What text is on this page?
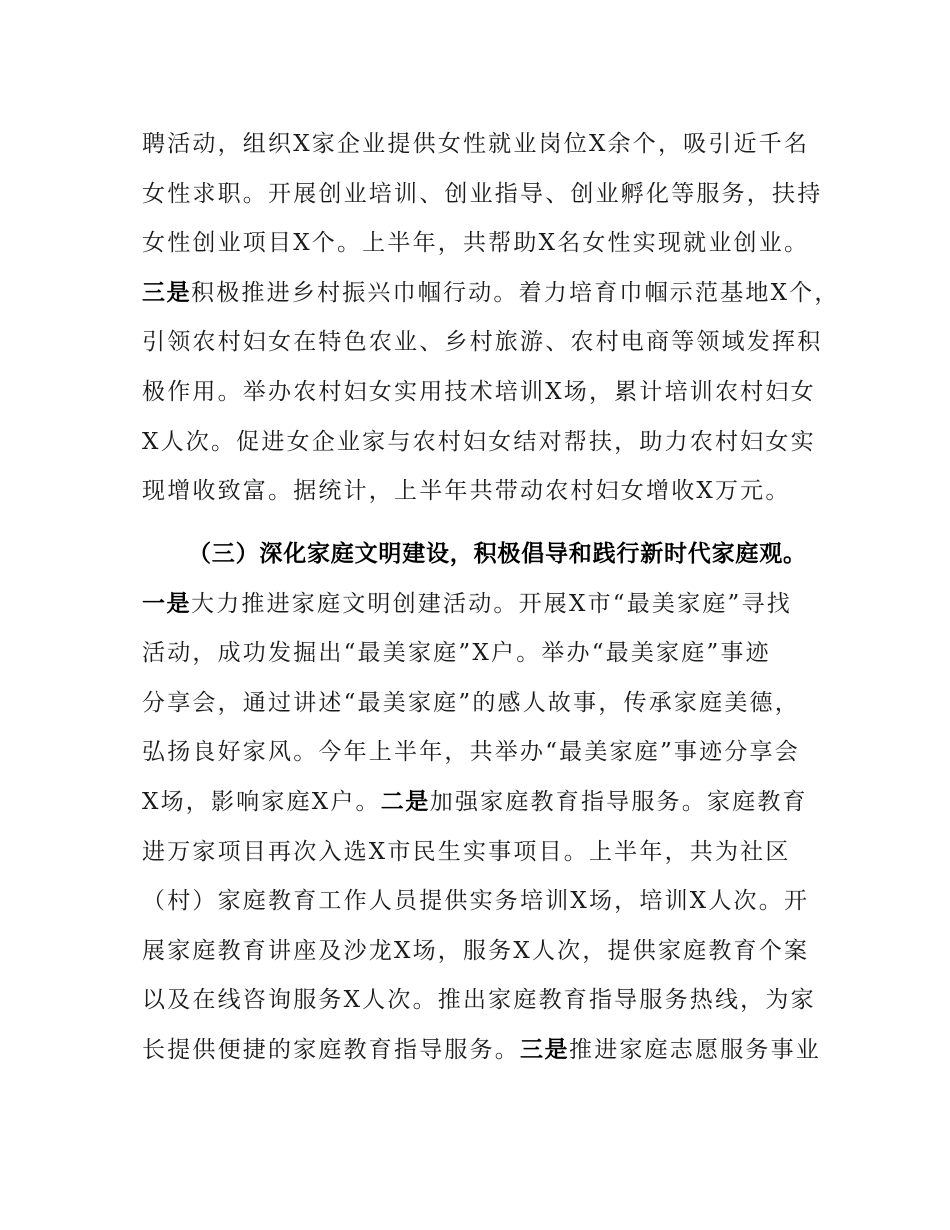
聘活动，组织X家企业提供女性就业岗位X余个，吸引近千名
女性求职。开展创业培训、创业指导、创业孵化等服务，扶持
女性创业项目X个。上半年，共帮助X名女性实现就业创业。
三是积极推进乡村振兴巾帼行动。着力培育巾帼示范基地X个，
引领农村妇女在特色农业、乡村旅游、农村电商等领域发挥积
极作用。举办农村妇女实用技术培训X场，累计培训农村妇女
X人次。促进女企业家与农村妇女结对帮扶，助力农村妇女实
现增收致富。据统计，上半年共带动农村妇女增收X万元。
（三）深化家庭文明建设，积极倡导和践行新时代家庭观。
一是大力推进家庭文明创建活动。开展X市“最美家庭”寻找
活动，成功发掘出“最美家庭”X户。举办“最美家庭”事迹
分享会，通过讲述“最美家庭”的感人故事，传承家庭美德，
弘扬良好家风。今年上半年，共举办“最美家庭”事迹分享会
X场，影响家庭X户。二是加强家庭教育指导服务。家庭教育
进万家项目再次入选X市民生实事项目。上半年，共为社区
（村）家庭教育工作人员提供实务培训X场，培训X人次。开
展家庭教育讲座及沙龙X场，服务X人次，提供家庭教育个案
以及在线咨询服务X人次。推出家庭教育指导服务热线，为家
长提供便捷的家庭教育指导服务。三是推进家庭志愿服务事业
